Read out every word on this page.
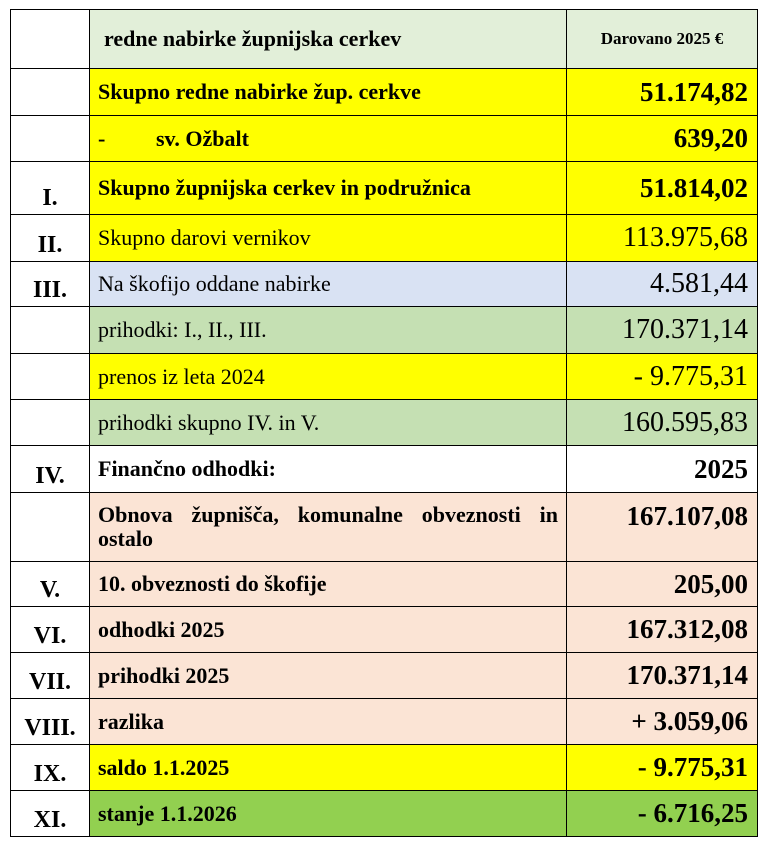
	redne nabirke župnijska cerkev	Darovano 2025 €
	Skupno redne nabirke žup. cerkve	51.174,82
	- sv. Ožbalt	639,20
I.	Skupno župnijska cerkev in podružnica	51.814,02
II.	Skupno darovi vernikov	113.975,68
III.	Na škofijo oddane nabirke	4.581,44
	prihodki: I., II., III.	170.371,14
	prenos iz leta 2024	- 9.775,31
	prihodki skupno IV. in V.	160.595,83
IV.	Finančno odhodki:	2025
	Obnova župnišča, komunalne obveznosti in ostalo	167.107,08
V.	10. obveznosti do škofije	205,00
VI.	odhodki 2025	167.312,08
VII.	prihodki 2025	170.371,14
VIII.	razlika	+ 3.059,06
IX.	saldo 1.1.2025	- 9.775,31
XI.	stanje 1.1.2026	- 6.716,25
